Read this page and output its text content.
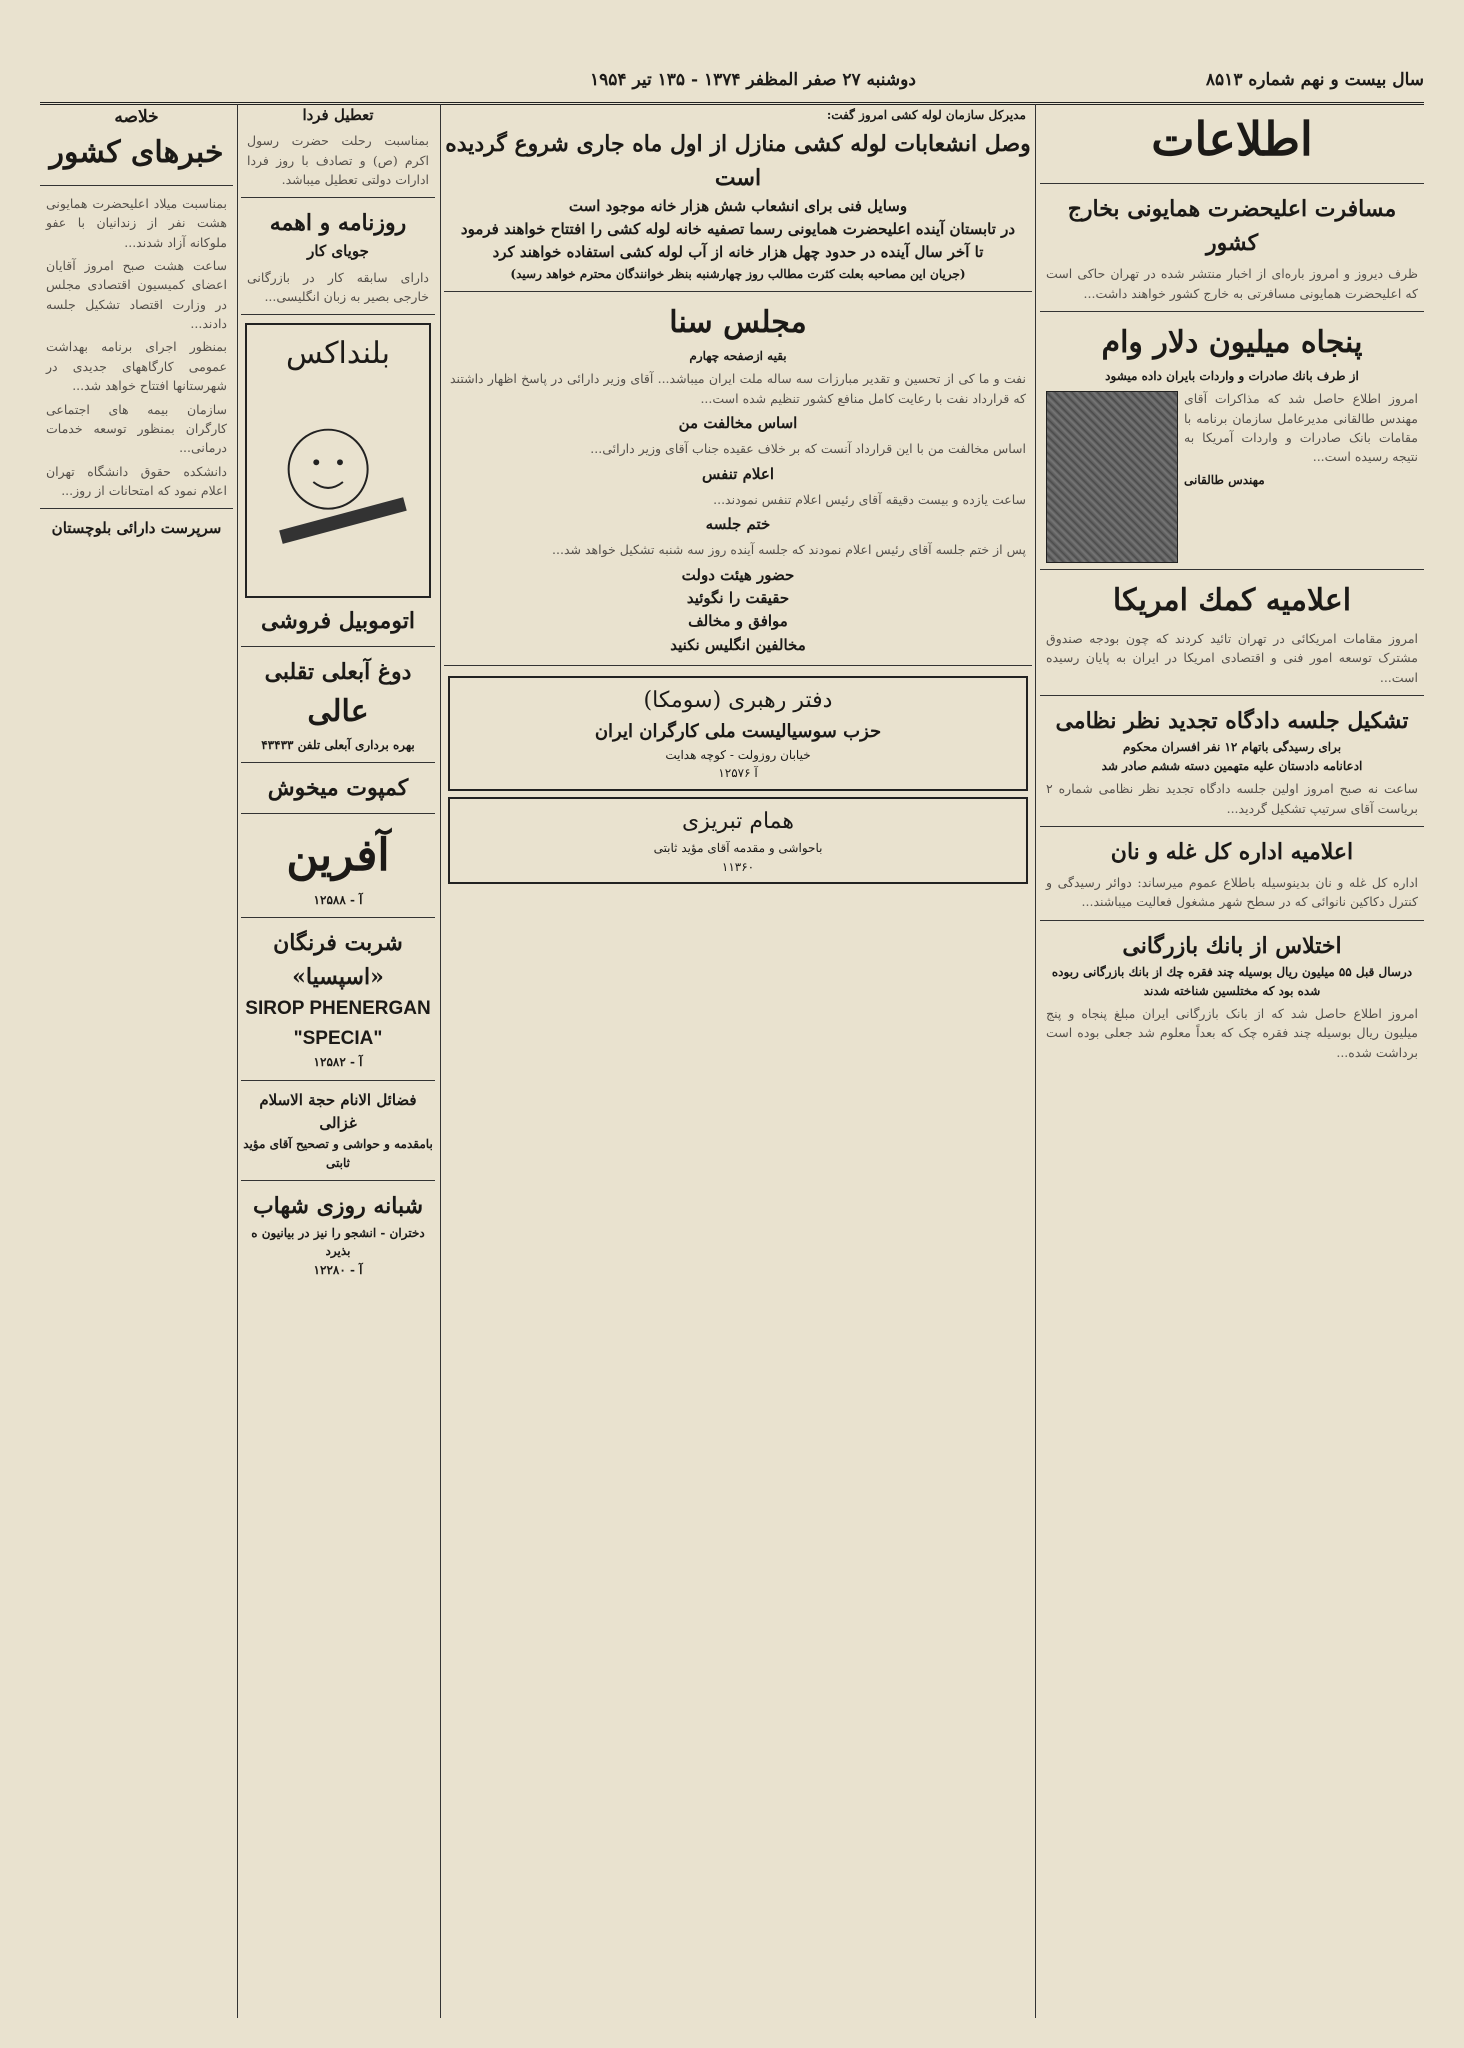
سال بیست و نهم شماره ۸۵۱۳
دوشنبه ۲۷ صفر المظفر ۱۳۷۴ - ۱۳۵ تیر ۱۹۵۴
اطلاعات
مسافرت اعلیحضرت همایونی بخارج کشور

ظرف دیروز و امروز باره‌ای از اخبار منتشر شده در تهران حاکی است که اعلیحضرت همایونی مسافرتی به خارج کشور خواهند داشت...

پنجاه میلیون دلار وام
از طرف بانك صادرات و واردات بایران داده میشود

امروز اطلاع حاصل شد که مذاکرات آقای مهندس طالقانی مدیرعامل سازمان برنامه با مقامات بانک صادرات و واردات آمریکا به نتیجه رسیده است...

مهندس طالقانی
اعلامیه کمك امریکا

امروز مقامات امریکائی در تهران تائید کردند که چون بودجه صندوق مشترک توسعه امور فنی و اقتصادی امریکا در ایران به پایان رسیده است...

تشکیل جلسه دادگاه تجدید نظر نظامی
برای رسیدگی باتهام ۱۲ نفر افسران محکوم
ادعانامه دادستان علیه متهمین دسته ششم صادر شد

ساعت نه صبح امروز اولین جلسه دادگاه تجدید نظر نظامی شماره ۲ بریاست آقای سرتیپ تشکیل گردید...

اعلامیه اداره کل غله و نان

اداره کل غله و نان بدینوسیله باطلاع عموم میرساند: دوائر رسیدگی و کنترل دکاکین نانوائی که در سطح شهر مشغول فعالیت میباشند...

اختلاس از بانك بازرگانی
درسال قبل ۵۵ میلیون ریال بوسیله چند فقره چك از بانك بازرگانی ربوده شده بود که مختلسین شناخته شدند

امروز اطلاع حاصل شد که از بانک بازرگانی ایران مبلغ پنجاه و پنج میلیون ریال بوسیله چند فقره چک که بعداً معلوم شد جعلی بوده است برداشت شده...

مدیرکل سازمان لوله کشی امروز گفت:
وصل انشعابات لوله کشی منازل از اول ماه جاری شروع گردیده است
وسایل فنی برای انشعاب شش هزار خانه موجود است
در تابستان آینده اعلیحضرت همایونی رسما تصفیه خانه لوله کشی را افتتاح خواهند فرمود
تا آخر سال آینده در حدود چهل هزار خانه از آب لوله کشی استفاده خواهند کرد
(جریان این مصاحبه بعلت کثرت مطالب روز چهارشنبه بنظر خوانندگان محترم خواهد رسید)
مجلس سنا
بقیه ازصفحه چهارم

نفت و ما کی از تحسین و تقدیر مبارزات سه ساله ملت ایران میباشد... آقای وزیر دارائی در پاسخ اظهار داشتند که قرارداد نفت با رعایت کامل منافع کشور تنظیم شده است...

اساس مخالفت من

اساس مخالفت من با این قرارداد آنست که بر خلاف عقیده جناب آقای وزیر دارائی...

اعلام تنفس

ساعت یازده و بیست دقیقه آقای رئیس اعلام تنفس نمودند...

ختم جلسه

پس از ختم جلسه آقای رئیس اعلام نمودند که جلسه آینده روز سه شنبه تشکیل خواهد شد...

حضور هیئت دولت
حقیقت را نگوئید
موافق و مخالف
مخالفین انگلیس نکنید
دفتر رهبری (سومکا)
حزب سوسیالیست ملی کارگران ایران
خیابان روزولت - کوچه هدایت
آ ۱۲۵۷۶
همام تبریزی
باحواشی و مقدمه آقای مؤید ثابتی
۱۱۳۶۰
تعطیل فردا

بمناسبت رحلت حضرت رسول اکرم (ص) و تصادف با روز فردا ادارات دولتی تعطیل میباشد.

روزنامه و اهمه
جویای کار

دارای سابقه کار در بازرگانی خارجی بصیر به زبان انگلیسی...

بلنداکس
اتوموبیل فروشی
دوغ آبعلی تقلبی
عالی
بهره برداری آبعلی تلفن ۴۳۴۳۳
کمپوت میخوش
آفرین
آ - ۱۲۵۸۸
شربت فرنگان «اسپسیا»
SIROP PHENERGAN "SPECIA"
آ - ۱۲۵۸۲
فضائل الانام حجة الاسلام غزالی
بامقدمه و حواشی و تصحیح آقای مؤید ثابتی
شبانه روزی شهاب
دختران - انشجو را نیز در بیانیون ه بذیرد
آ - ۱۲۲۸۰
خلاصه
خبرهای کشور

بمناسبت میلاد اعلیحضرت همایونی هشت نفر از زندانیان با عفو ملوکانه آزاد شدند...

ساعت هشت صبح امروز آقایان اعضای کمیسیون اقتصادی مجلس در وزارت اقتصاد تشکیل جلسه دادند...

بمنظور اجرای برنامه بهداشت عمومی کارگاههای جدیدی در شهرستانها افتتاح خواهد شد...

سازمان بیمه های اجتماعی کارگران بمنظور توسعه خدمات درمانی...

دانشکده حقوق دانشگاه تهران اعلام نمود که امتحانات از روز...

سرپرست دارائی بلوچستان
